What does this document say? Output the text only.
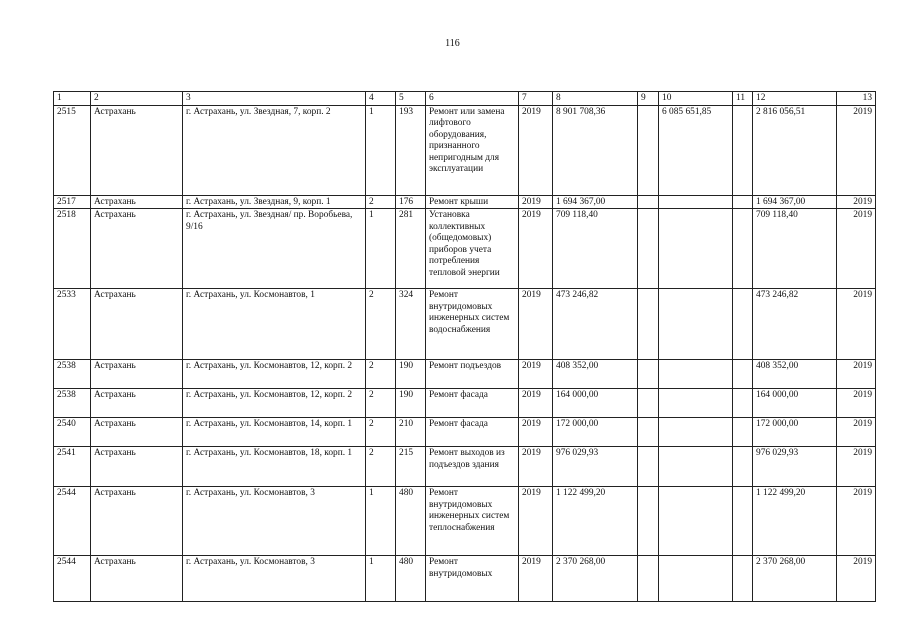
116
1	2	3	4	5	6	7	8	9	10	11	12	13
2515	Астрахань	г. Астрахань, ул. Звездная, 7, корп. 2	1	193	Ремонт или замена лифтового оборудования, признанного непригодным для эксплуатации	2019	8 901 708,36		6 085 651,85		2 816 056,51	2019
2517	Астрахань	г. Астрахань, ул. Звездная, 9, корп. 1	2	176	Ремонт крыши	2019	1 694 367,00				1 694 367,00	2019
2518	Астрахань	г. Астрахань, ул. Звездная/ пр. Воробьева, 9/16	1	281	Установка коллективных (общедомовых) приборов учета потребления тепловой энергии	2019	709 118,40				709 118,40	2019
2533	Астрахань	г. Астрахань, ул. Космонавтов, 1	2	324	Ремонт внутридомовых инженерных систем водоснабжения	2019	473 246,82				473 246,82	2019
2538	Астрахань	г. Астрахань, ул. Космонавтов, 12, корп. 2	2	190	Ремонт подъездов	2019	408 352,00				408 352,00	2019
2538	Астрахань	г. Астрахань, ул. Космонавтов, 12, корп. 2	2	190	Ремонт фасада	2019	164 000,00				164 000,00	2019
2540	Астрахань	г. Астрахань, ул. Космонавтов, 14, корп. 1	2	210	Ремонт фасада	2019	172 000,00				172 000,00	2019
2541	Астрахань	г. Астрахань, ул. Космонавтов, 18, корп. 1	2	215	Ремонт выходов из подъездов здания	2019	976 029,93				976 029,93	2019
2544	Астрахань	г. Астрахань, ул. Космонавтов, 3	1	480	Ремонт внутридомовых инженерных систем теплоснабжения	2019	1 122 499,20				1 122 499,20	2019
2544	Астрахань	г. Астрахань, ул. Космонавтов, 3	1	480	Ремонт внутридомовых	2019	2 370 268,00				2 370 268,00	2019
